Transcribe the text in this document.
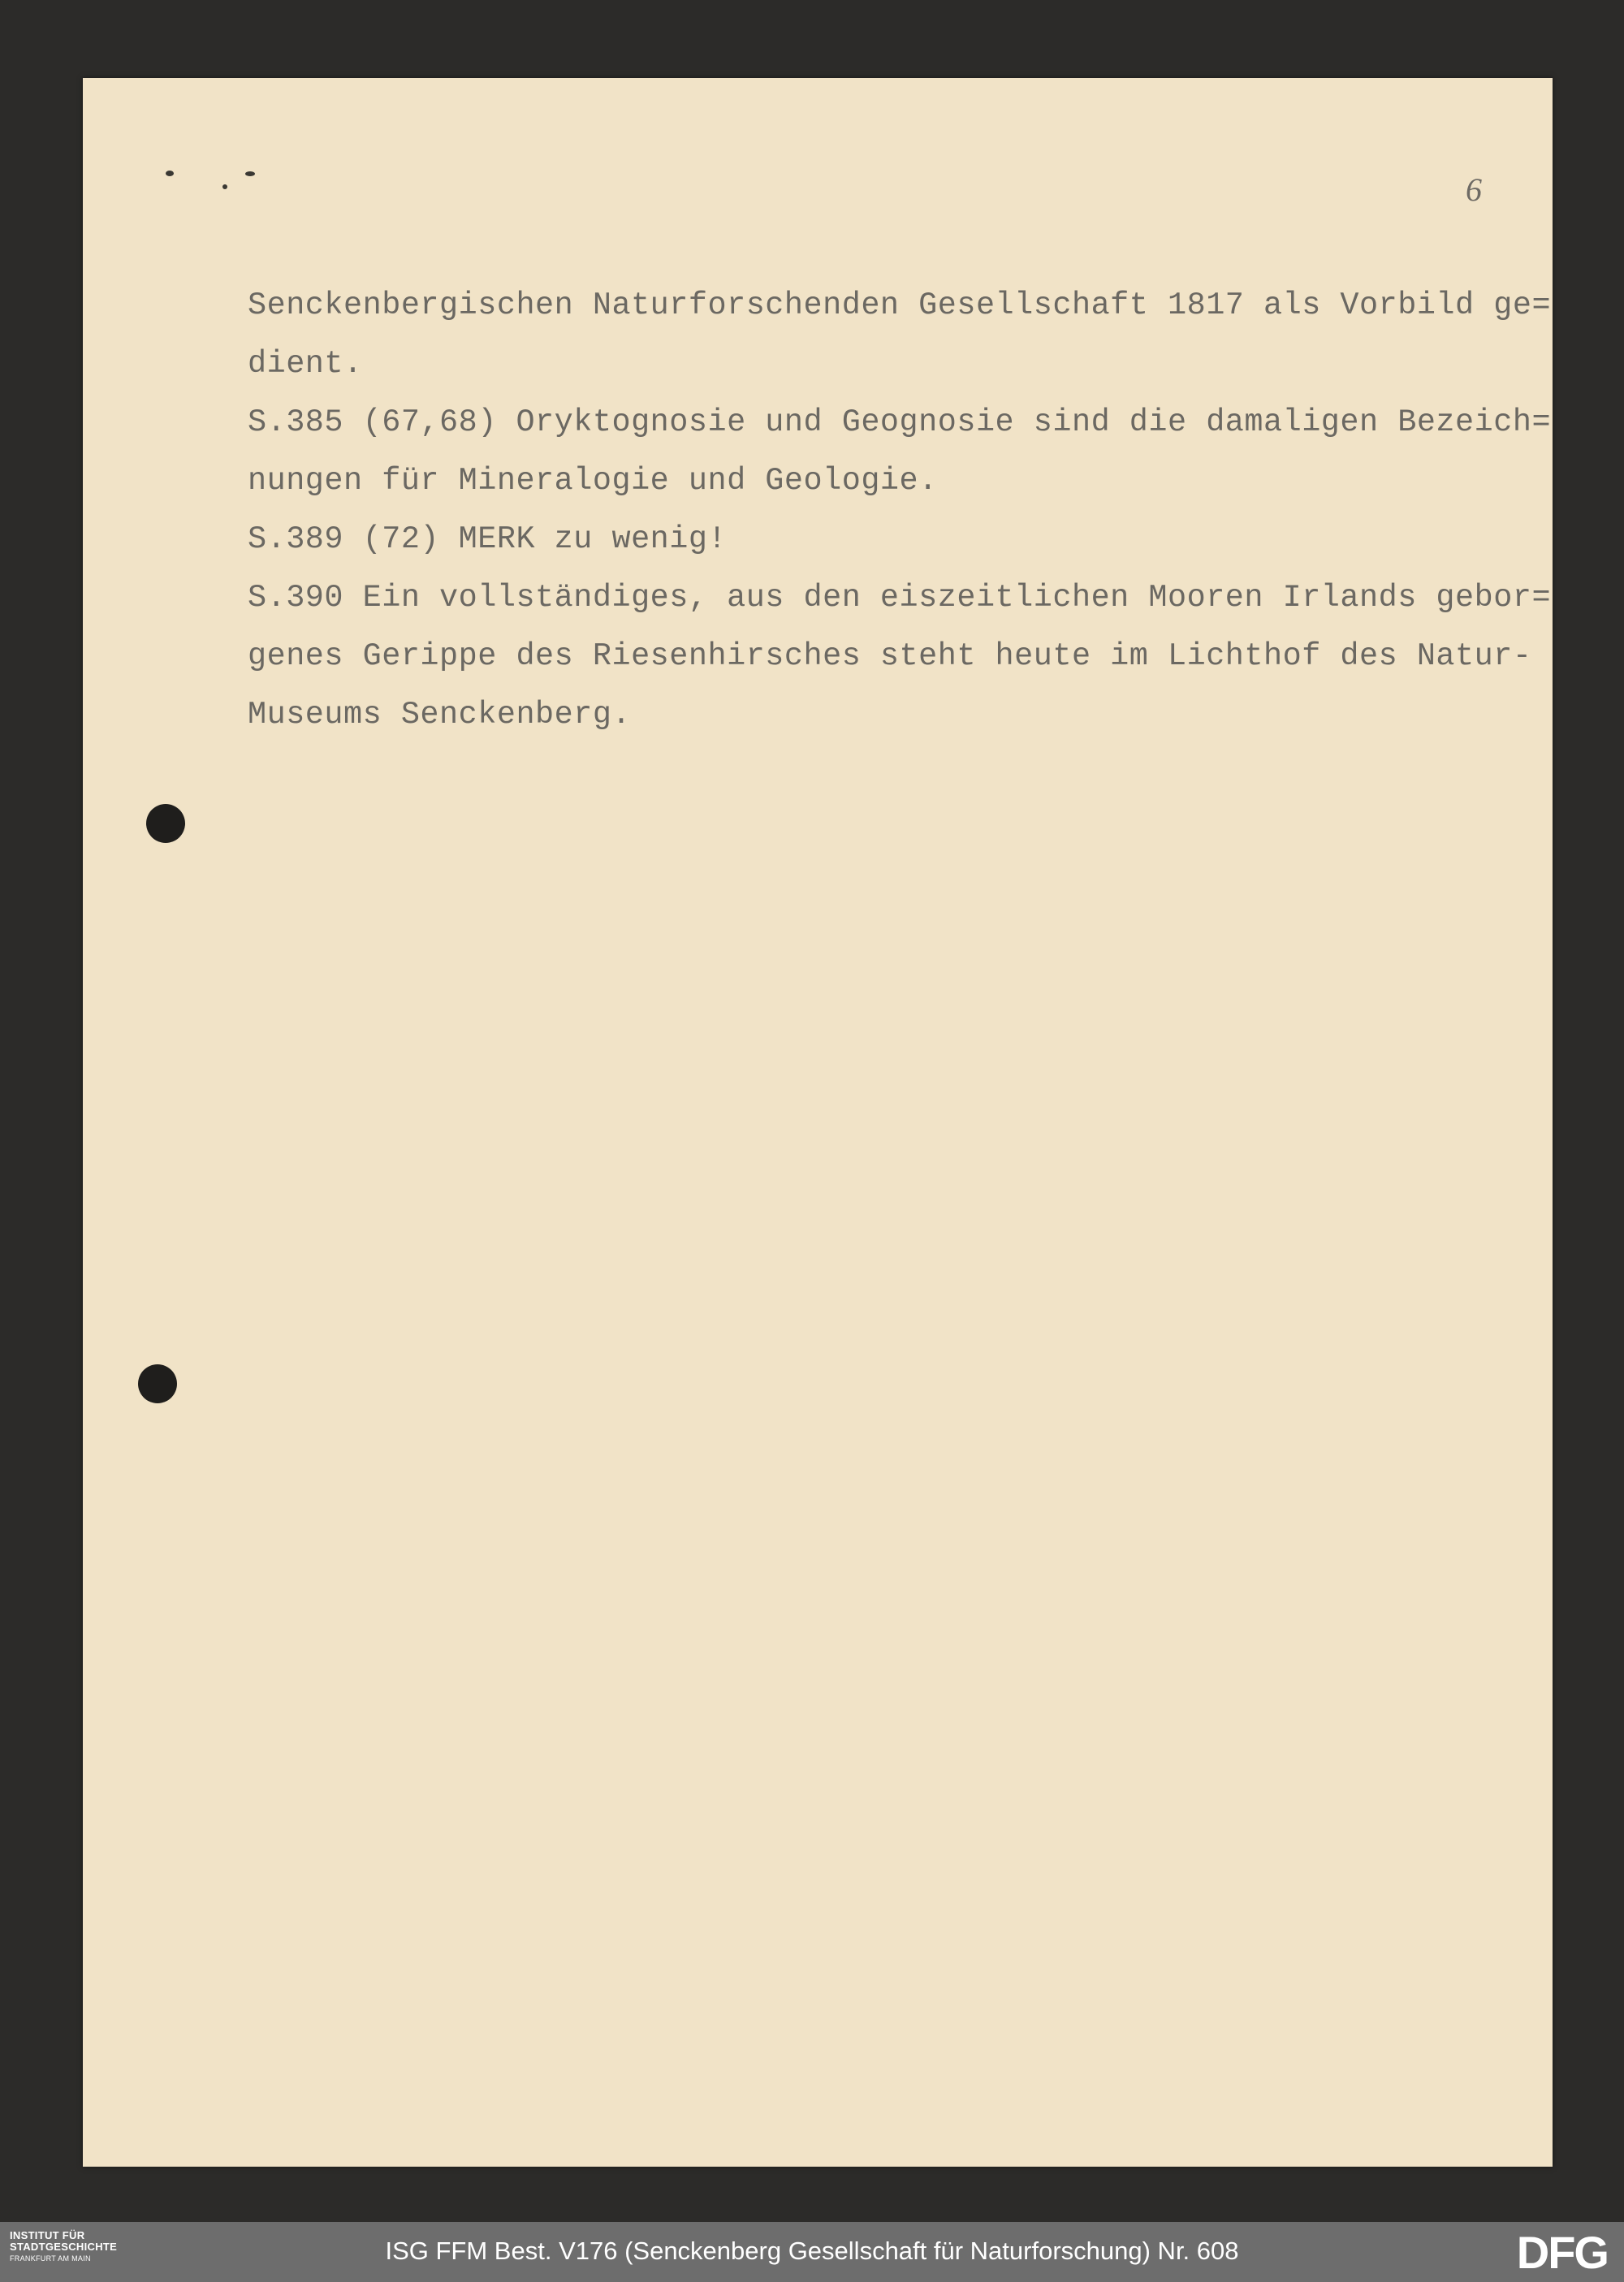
6
Senckenbergischen Naturforschenden Gesellschaft 1817 als Vorbild ge=
dient.
S.385 (67,68) Oryktognosie und Geognosie sind die damaligen Bezeich=
nungen für Mineralogie und Geologie.
S.389 (72) MERK zu wenig!
S.390 Ein vollständiges, aus den eiszeitlichen Mooren Irlands gebor=
genes Gerippe des Riesenhirsches steht heute im Lichthof des Natur-
Museums Senckenberg.
INSTITUT FÜR
STADTGESCHICHTE
FRANKFURT AM MAIN	ISG FFM Best. V176 (Senckenberg Gesellschaft für Naturforschung) Nr. 608	DFG
